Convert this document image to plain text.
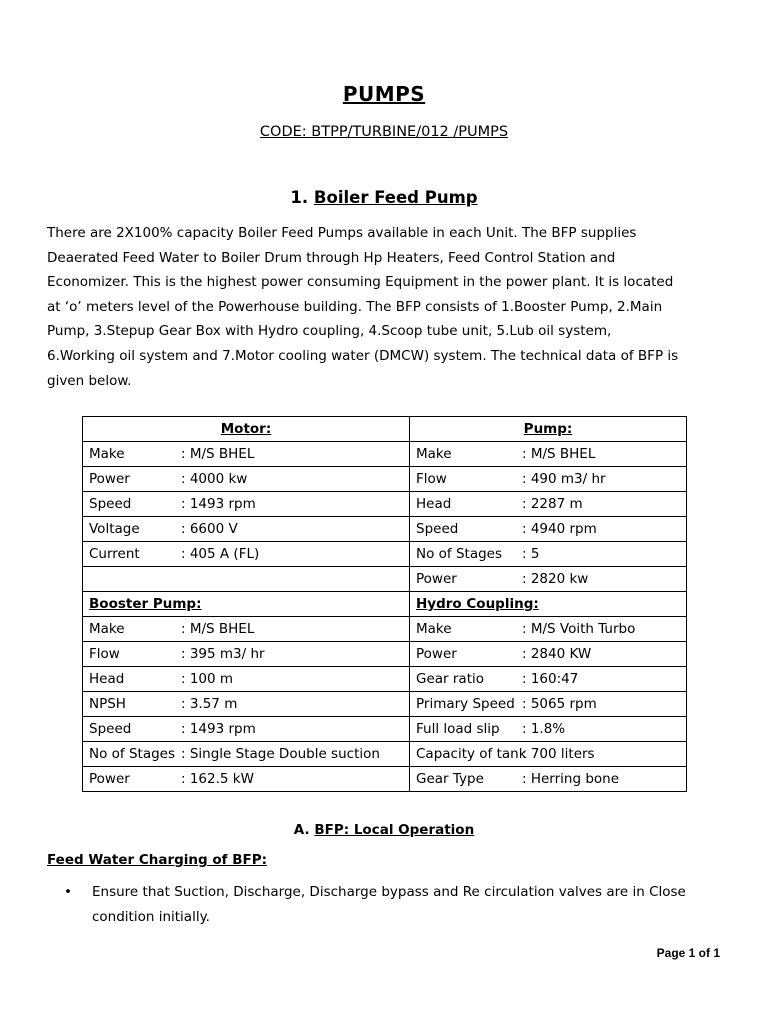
PUMPS
CODE: BTPP/TURBINE/012 /PUMPS
1. Boiler Feed Pump
There are 2X100% capacity Boiler Feed Pumps available in each Unit. The BFP supplies
Deaerated Feed Water to Boiler Drum through Hp Heaters, Feed Control Station and
Economizer. This is the highest power consuming Equipment in the power plant. It is located
at ‘o’ meters level of the Powerhouse building. The BFP consists of 1.Booster Pump, 2.Main
Pump, 3.Stepup Gear Box with Hydro coupling, 4.Scoop tube unit, 5.Lub oil system,
6.Working oil system and 7.Motor cooling water (DMCW) system. The technical data of BFP is
given below.
Motor:	Pump:
Make : M/S BHEL	Make : M/S BHEL
Power : 4000 kw	Flow : 490 m3/ hr
Speed : 1493 rpm	Head : 2287 m
Voltage : 6600 V	Speed : 4940 rpm
Current : 405 A (FL)	No of Stages : 5
	Power : 2820 kw
Booster Pump:	Hydro Coupling:
Make : M/S BHEL	Make : M/S Voith Turbo
Flow : 395 m3/ hr	Power : 2840 KW
Head : 100 m	Gear ratio : 160:47
NPSH : 3.57 m	Primary Speed : 5065 rpm
Speed : 1493 rpm	Full load slip : 1.8%
No of Stages : Single Stage Double suction	Capacity of tank: 700 liters
Power : 162.5 kW	Gear Type : Herring bone
A. BFP: Local Operation
Feed Water Charging of BFP:
• Ensure that Suction, Discharge, Discharge bypass and Re circulation valves are in Close condition initially.
Page 1 of 1
